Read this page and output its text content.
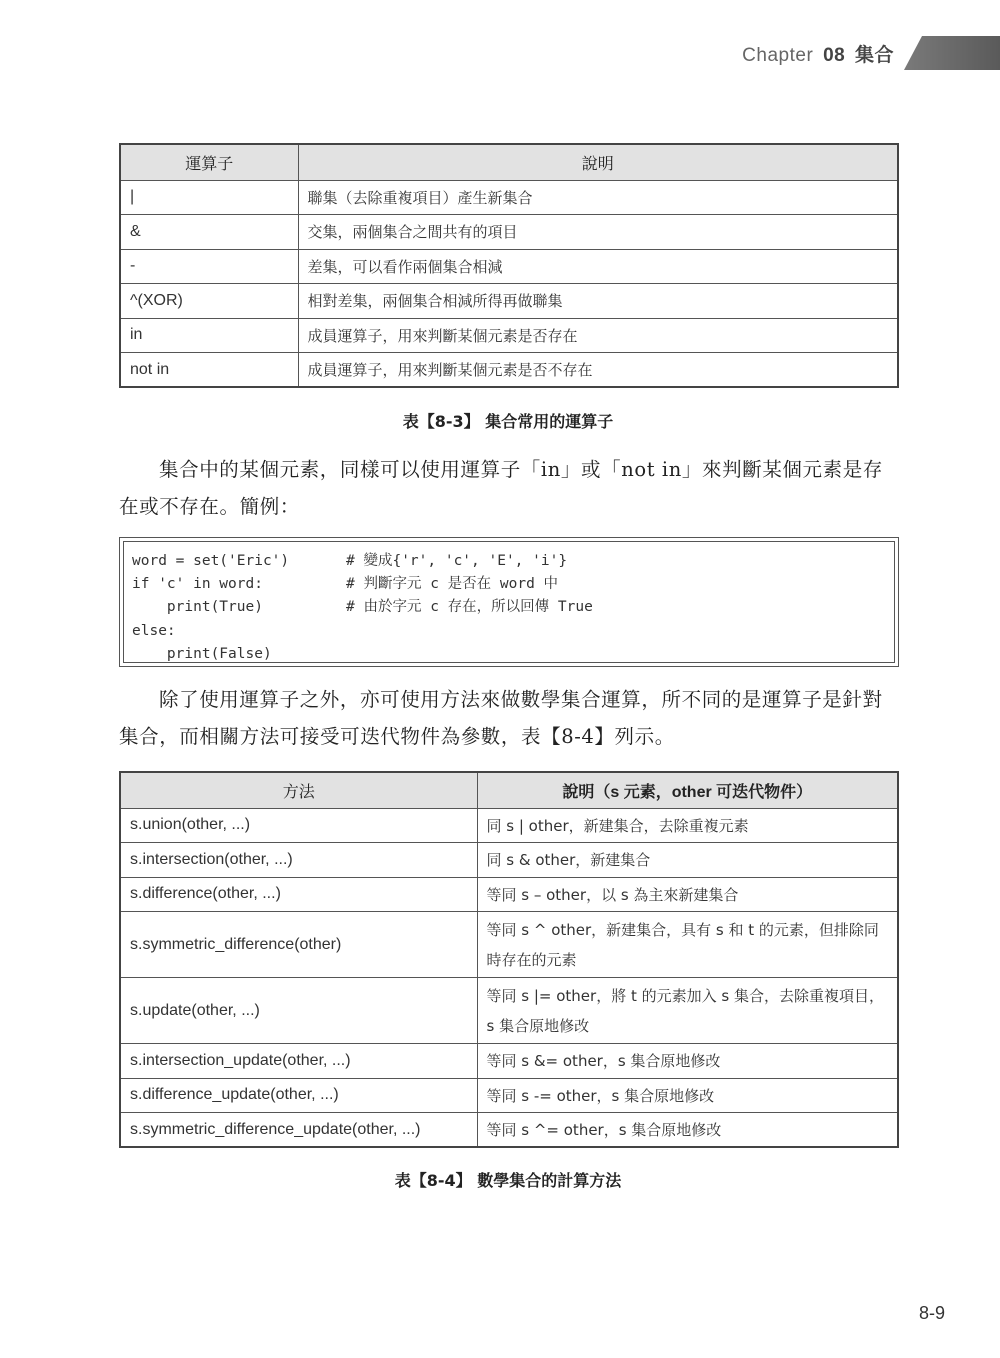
Chapter 08 集合
運算子	說明
|	聯集（去除重複項目）產生新集合
&	交集，兩個集合之間共有的項目
-	差集，可以看作兩個集合相減
^(XOR)	相對差集，兩個集合相減所得再做聯集
in	成員運算子，用來判斷某個元素是否存在
not in	成員運算子，用來判斷某個元素是否不存在
表【8-3】 集合常用的運算子
集合中的某個元素，同樣可以使用運算子「in」或「not in」來判斷某個元素是存在或不存在。簡例：
word = set('Eric')	# 變成{'r', 'c', 'E', 'i'}
if 'c' in word:	# 判斷字元 c 是否在 word 中
print(True)	# 由於字元 c 存在，所以回傳 True
else:
print(False)
除了使用運算子之外，亦可使用方法來做數學集合運算，所不同的是運算子是針對集合，而相關方法可接受可迭代物件為參數，表【8-4】列示。
方法	說明（s 元素，other 可迭代物件）
s.union(other, ...)	同 s | other，新建集合，去除重複元素
s.intersection(other, ...)	同 s & other，新建集合
s.difference(other, ...)	等同 s – other，以 s 為主來新建集合
s.symmetric_difference(other)	等同 s ^ other，新建集合，具有 s 和 t 的元素，但排除同時存在的元素
s.update(other, ...)	等同 s |= other，將 t 的元素加入 s 集合，去除重複項目，s 集合原地修改
s.intersection_update(other, ...)	等同 s &= other，s 集合原地修改
s.difference_update(other, ...)	等同 s -= other，s 集合原地修改
s.symmetric_difference_update(other, ...)	等同 s ^= other，s 集合原地修改
表【8-4】 數學集合的計算方法
8-9
